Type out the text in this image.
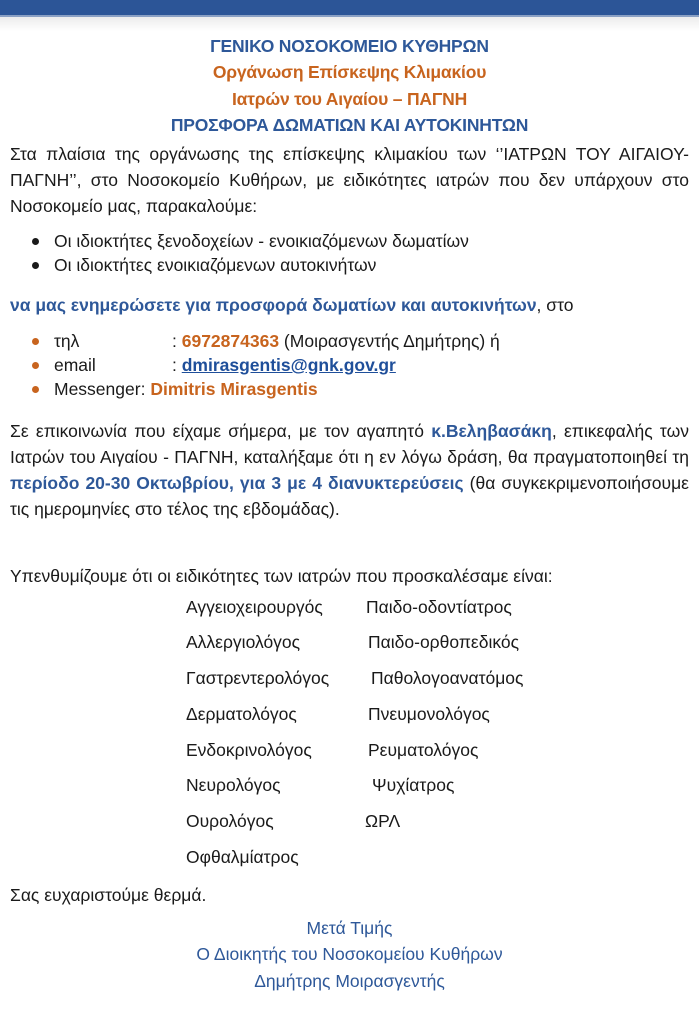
ΓΕΝΙΚΟ ΝΟΣΟΚΟΜΕΙΟ ΚΥΘΗΡΩΝ
Οργάνωση Επίσκεψης Κλιμακίου
Ιατρών του Αιγαίου – ΠΑΓΝΗ
ΠΡΟΣΦΟΡΑ ΔΩΜΑΤΙΩΝ ΚΑΙ ΑΥΤΟΚΙΝΗΤΩΝ
Στα πλαίσια της οργάνωσης της επίσκεψης κλιμακίου των ‘’ΙΑΤΡΩΝ ΤΟΥ ΑΙΓΑΙΟΥ- ΠΑΓΝΗ’’, στο Νοσοκομείο Κυθήρων, με ειδικότητες ιατρών που δεν υπάρχουν στο Νοσοκομείο μας, παρακαλούμε:
Οι ιδιοκτήτες ξενοδοχείων - ενοικιαζόμενων δωματίων
Οι ιδιοκτήτες ενοικιαζόμενων αυτοκινήτων
να μας ενημερώσετε για προσφορά δωματίων και αυτοκινήτων, στο
τηλ	: 6972874363 (Μοιρασγεντής Δημήτρης) ή
email	: dmirasgentis@gnk.gov.gr
Messenger: Dimitris Mirasgentis
Σε επικοινωνία που είχαμε σήμερα, με τον αγαπητό κ.Βεληβασάκη, επικεφαλής των Ιατρών του Αιγαίου - ΠΑΓΝΗ, καταλήξαμε ότι η εν λόγω δράση, θα πραγματοποιηθεί τη περίοδο 20-30 Οκτωβρίου, για 3 με 4 διανυκτερεύσεις (θα συγκεκριμενοποιήσουμε τις ημερομηνίες στο τέλος της εβδομάδας).
Υπενθυμίζουμε ότι οι ειδικότητες των ιατρών που προσκαλέσαμε είναι:
Αγγειοχειρουργός
Αλλεργιολόγος
Γαστρεντερολόγος
Δερματολόγος
Ενδοκρινολόγος
Νευρολόγος
Ουρολόγος
Οφθαλμίατρος
Παιδο-οδοντίατρος
Παιδο-ορθοπεδικός
Παθολογοανατόμος
Πνευμονολόγος
Ρευματολόγος
Ψυχίατρος
ΩΡΛ
Σας ευχαριστούμε θερμά.
Μετά Τιμής
Ο Διοικητής του Νοσοκομείου Κυθήρων
Δημήτρης Μοιρασγεντής
